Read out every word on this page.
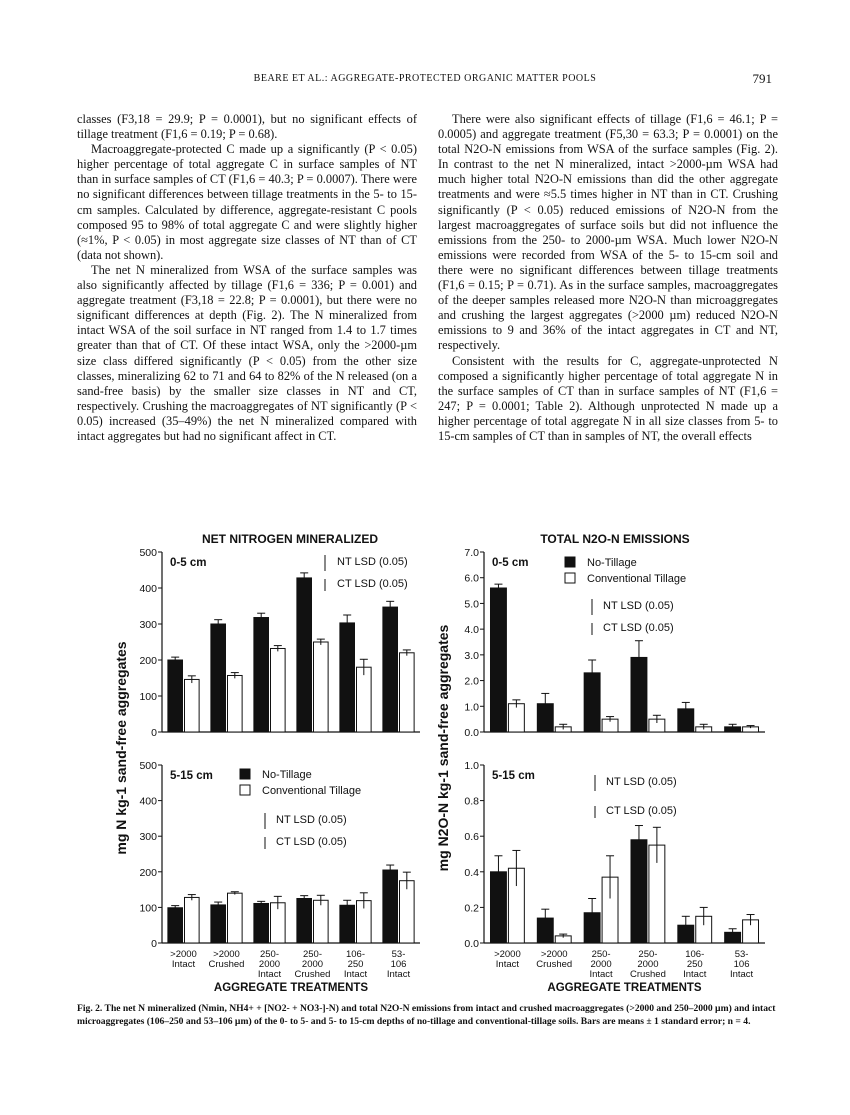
BEARE ET AL.: AGGREGATE-PROTECTED ORGANIC MATTER POOLS	791

classes (F3,18 = 29.9; P = 0.0001), but no significant effects of tillage treatment (F1,6 = 0.19; P = 0.68).

Macroaggregate-protected C made up a significantly (P < 0.05) higher percentage of total aggregate C in surface samples of NT than in surface samples of CT (F1,6 = 40.3; P = 0.0007). There were no significant differences between tillage treatments in the 5- to 15-cm samples. Calculated by difference, aggregate-resistant C pools composed 95 to 98% of total aggregate C and were slightly higher (≈1%, P < 0.05) in most aggregate size classes of NT than of CT (data not shown).

The net N mineralized from WSA of the surface samples was also significantly affected by tillage (F1,6 = 336; P = 0.001) and aggregate treatment (F3,18 = 22.8; P = 0.0001), but there were no significant differences at depth (Fig. 2). The N mineralized from intact WSA of the soil surface in NT ranged from 1.4 to 1.7 times greater than that of CT. Of these intact WSA, only the >2000-µm size class differed significantly (P < 0.05) from the other size classes, mineralizing 62 to 71 and 64 to 82% of the N released (on a sand-free basis) by the smaller size classes in NT and CT, respectively. Crushing the macroaggregates of NT significantly (P < 0.05) increased (35–49%) the net N mineralized compared with intact aggregates but had no significant affect in CT.

There were also significant effects of tillage (F1,6 = 46.1; P = 0.0005) and aggregate treatment (F5,30 = 63.3; P = 0.0001) on the total N2O-N emissions from WSA of the surface samples (Fig. 2). In contrast to the net N mineralized, intact >2000-µm WSA had much higher total N2O-N emissions than did the other aggregate treatments and were ≈5.5 times higher in NT than in CT. Crushing significantly (P < 0.05) reduced emissions of N2O-N from the largest macroaggregates of surface soils but did not influence the emissions from the 250- to 2000-µm WSA. Much lower N2O-N emissions were recorded from WSA of the 5- to 15-cm soil and there were no significant differences between tillage treatments (F1,6 = 0.15; P = 0.71). As in the surface samples, macroaggregates of the deeper samples released more N2O-N than microaggregates and crushing the largest aggregates (>2000 µm) reduced N2O-N emissions to 9 and 36% of the intact aggregates in CT and NT, respectively.

Consistent with the results for C, aggregate-unprotected N composed a significantly higher percentage of total aggregate N in the surface samples of CT than in surface samples of NT (F1,6 = 247; P = 0.0001; Table 2). Although unprotected N made up a higher percentage of total aggregate N in all size classes from 5- to 15-cm samples of CT than in samples of NT, the overall effects

NET NITROGEN MINERALIZED	TOTAL N2O-N EMISSIONS
0
100
200
300
400
500
0-5 cm	NT LSD (0.05)
CT LSD (0.05)
0
100
200
300
400
500
5-15 cm
NT LSD (0.05)
CT LSD (0.05)
No-Tillage
Conventional Tillage
>2000
Intact
>2000
Crushed
250-
2000
Intact
250-
2000
Crushed
106-
250
Intact
53-
106
Intact
AGGREGATE TREATMENTS
0.0
1.0
2.0
3.0
4.0
5.0
6.0
7.0
0-5 cm
NT LSD (0.05)
CT LSD (0.05)
No-Tillage
Conventional Tillage
0.0
0.2
0.4
0.6
0.8
1.0
5-15 cm	NT LSD (0.05)
CT LSD (0.05)
>2000
Intact
>2000
Crushed
250-
2000
Intact
250-
2000
Crushed
106-
250
Intact
53-
106
Intact
AGGREGATE TREATMENTS
mg N kg-1 sand-free aggregates	mg N2O-N kg-1 sand-free aggregates
Fig. 2. The net N mineralized (Nmin, NH4+ + [NO2- + NO3-]-N) and total N2O-N emissions from intact and crushed macroaggregates (>2000 and 250–2000 µm) and intact microaggregates (106–250 and 53–106 µm) of the 0- to 5- and 5- to 15-cm depths of no-tillage and conventional-tillage soils. Bars are means ± 1 standard error; n = 4.
